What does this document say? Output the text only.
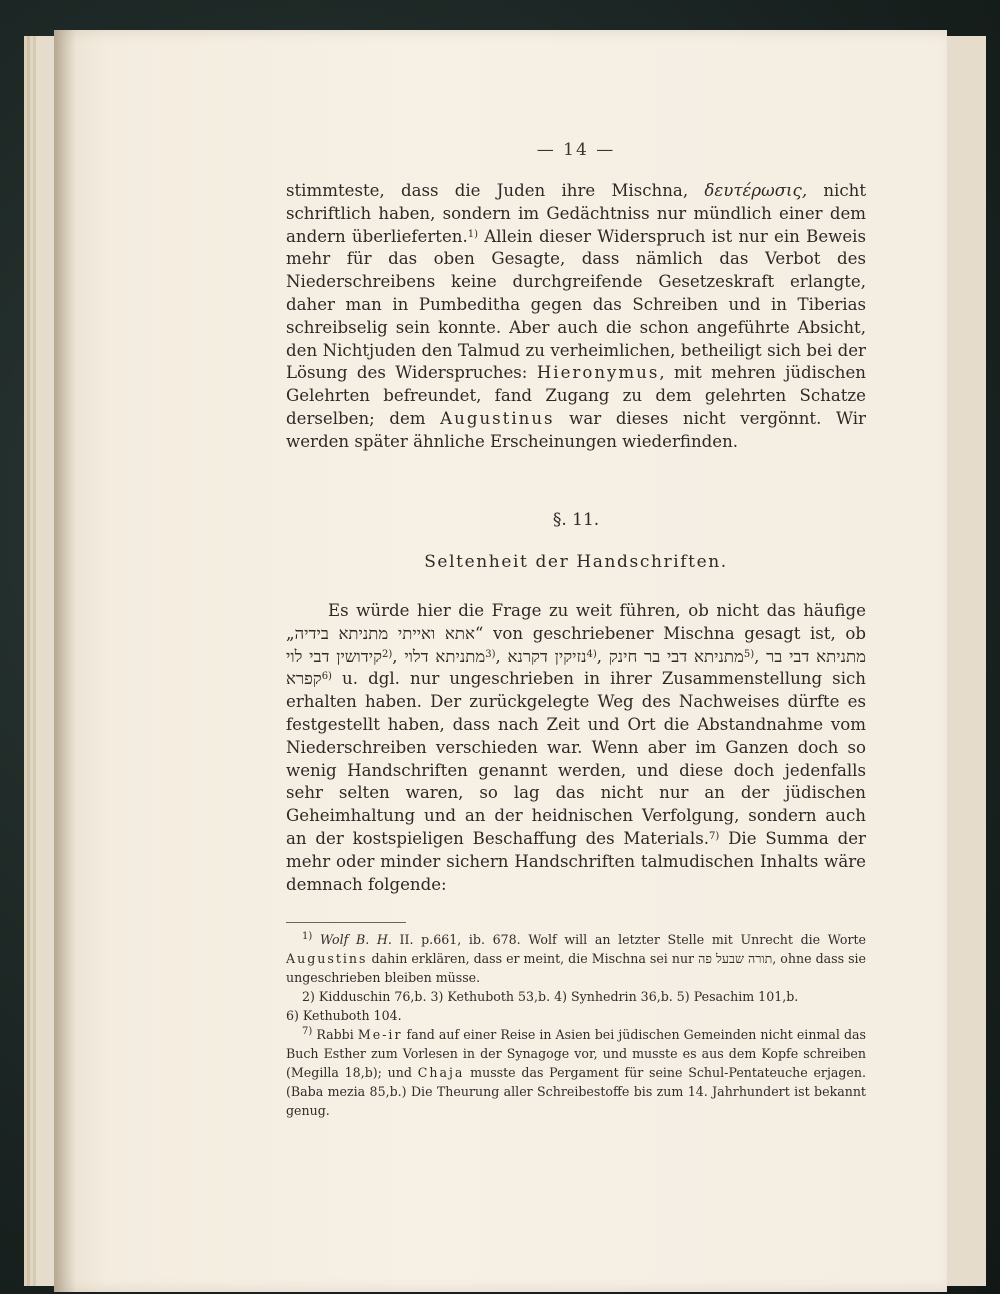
— 14 —

stimmteste, dass die Juden ihre Mischna, δευτέρωσις, nicht schriftlich haben, sondern im Gedächtniss nur mündlich einer dem andern überlieferten.$^{1)}$ Allein dieser Widerspruch ist nur ein Beweis mehr für das oben Gesagte, dass nämlich das Verbot des Niederschreibens keine durchgreifende Gesetzeskraft erlangte, daher man in Pumbeditha gegen das Schreiben und in Tiberias schreibselig sein konnte. Aber auch die schon angeführte Absicht, den Nichtjuden den Talmud zu verheimlichen, betheiligt sich bei der Lösung des Widerspruches: Hieronymus, mit mehren jüdischen Gelehrten befreundet, fand Zugang zu dem gelehrten Schatze derselben; dem Augustinus war dieses nicht vergönnt. Wir werden später ähnliche Erscheinungen wiederfinden.

§. 11.
Seltenheit der Handschriften.

Es würde hier die Frage zu weit führen, ob nicht das häufige „אתא ואייתי מתניתא בידיה“ von geschriebener Mischna gesagt ist, ob קידושין דבי לוי$^{2)}$, מתניתא דלוי$^{3)}$, נזיקין דקרנא$^{4)}$, מתניתא דבי בר חינק$^{5)}$, מתניתא דבי בר קפרא$^{6)}$ u. dgl. nur ungeschrieben in ihrer Zusammenstellung sich erhalten haben. Der zurückgelegte Weg des Nachweises dürfte es festgestellt haben, dass nach Zeit und Ort die Abstandnahme vom Niederschreiben verschieden war. Wenn aber im Ganzen doch so wenig Handschriften genannt werden, und diese doch jedenfalls sehr selten waren, so lag das nicht nur an der jüdischen Geheimhaltung und an der heidnischen Verfolgung, sondern auch an der kostspieligen Beschaffung des Materials.$^{7)}$ Die Summa der mehr oder minder sichern Handschriften talmudischen Inhalts wäre demnach folgende:

$^{1)}$ Wolf B. H. II. p.661, ib. 678. Wolf will an letzter Stelle mit Unrecht die Worte Augustins dahin erklären, dass er meint, die Mischna sei nur תורה שבעל פה, ohne dass sie ungeschrieben bleiben müsse.

2) Kidduschin 76,b. 3) Kethuboth 53,b. 4) Synhedrin 36,b. 5) Pesachim 101,b.

6) Kethuboth 104.

$^{7)}$ Rabbi Me-ir fand auf einer Reise in Asien bei jüdischen Gemeinden nicht einmal das Buch Esther zum Vorlesen in der Synagoge vor, und musste es aus dem Kopfe schreiben (Megilla 18,b); und Chaja musste das Pergament für seine Schul-Pentateuche erjagen. (Baba mezia 85,b.) Die Theurung aller Schreibestoffe bis zum 14. Jahrhundert ist bekannt genug.
